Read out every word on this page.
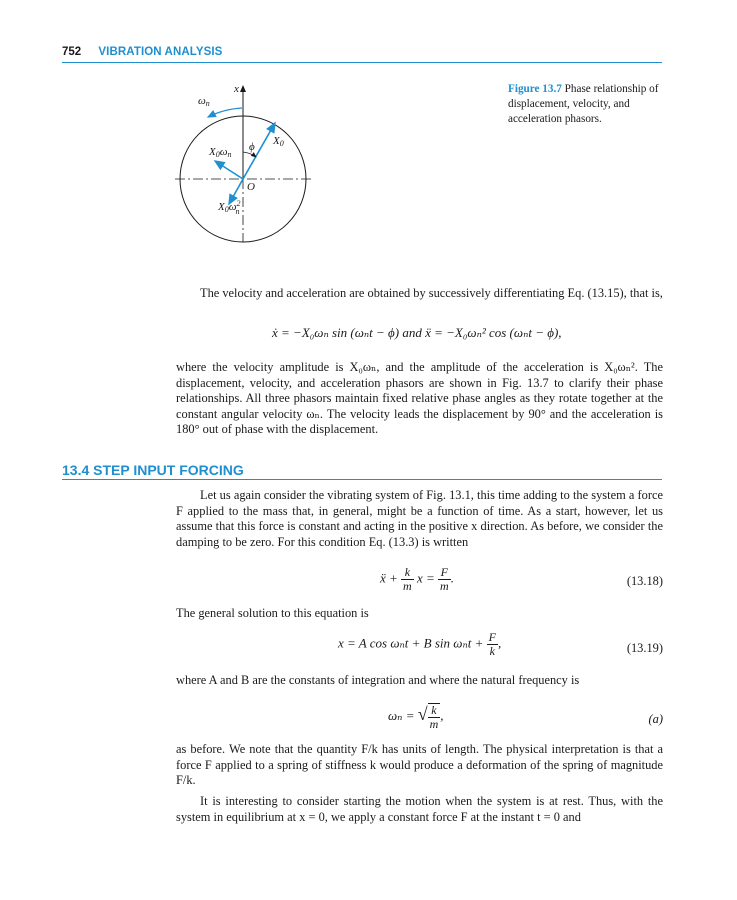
752 VIBRATION ANALYSIS
x
ωn
ϕ
O
X0
X0ωn
$X0\omega^2$ n
Figure 13.7 Phase relationship of displacement, velocity, and acceleration phasors.

The velocity and acceleration are obtained by successively differentiating Eq. (13.15), that is,

ẋ = −X₀ωₙ sin (ωₙt − ϕ) and ẍ = −X₀ωₙ² cos (ωₙt − ϕ),

where the velocity amplitude is X₀ωₙ, and the amplitude of the acceleration is X₀ωₙ². The displacement, velocity, and acceleration phasors are shown in Fig. 13.7 to clarify their phase relationships. All three phasors maintain fixed relative phase angles as they rotate together at the constant angular velocity ωₙ. The velocity leads the displacement by 90° and the acceleration is 180° out of phase with the displacement.

13.4 STEP INPUT FORCING

Let us again consider the vibrating system of Fig. 13.1, this time adding to the system a force F applied to the mass that, in general, might be a function of time. As a start, however, let us assume that this force is constant and acting in the positive x direction. As before, we consider the damping to be zero. For this condition Eq. (13.3) is written

ẍ + $\frac{k}{m}$ $x = \frac{F}{m}$ .	(13.18)

The general solution to this equation is

x = A cos ωₙt + B $\sin \omega_nt + \frac{F}{k}$ ,	(13.19)

where A and B are the constants of integration and where the natural frequency is

ωₙ = √ $\frac{k}{m}$ ,	(a)

as before. We note that the quantity F/k has units of length. The physical interpretation is that a force F applied to a spring of stiffness k would produce a deformation of the spring of magnitude F/k.

It is interesting to consider starting the motion when the system is at rest. Thus, with the system in equilibrium at x = 0, we apply a constant force F at the instant t = 0 and
